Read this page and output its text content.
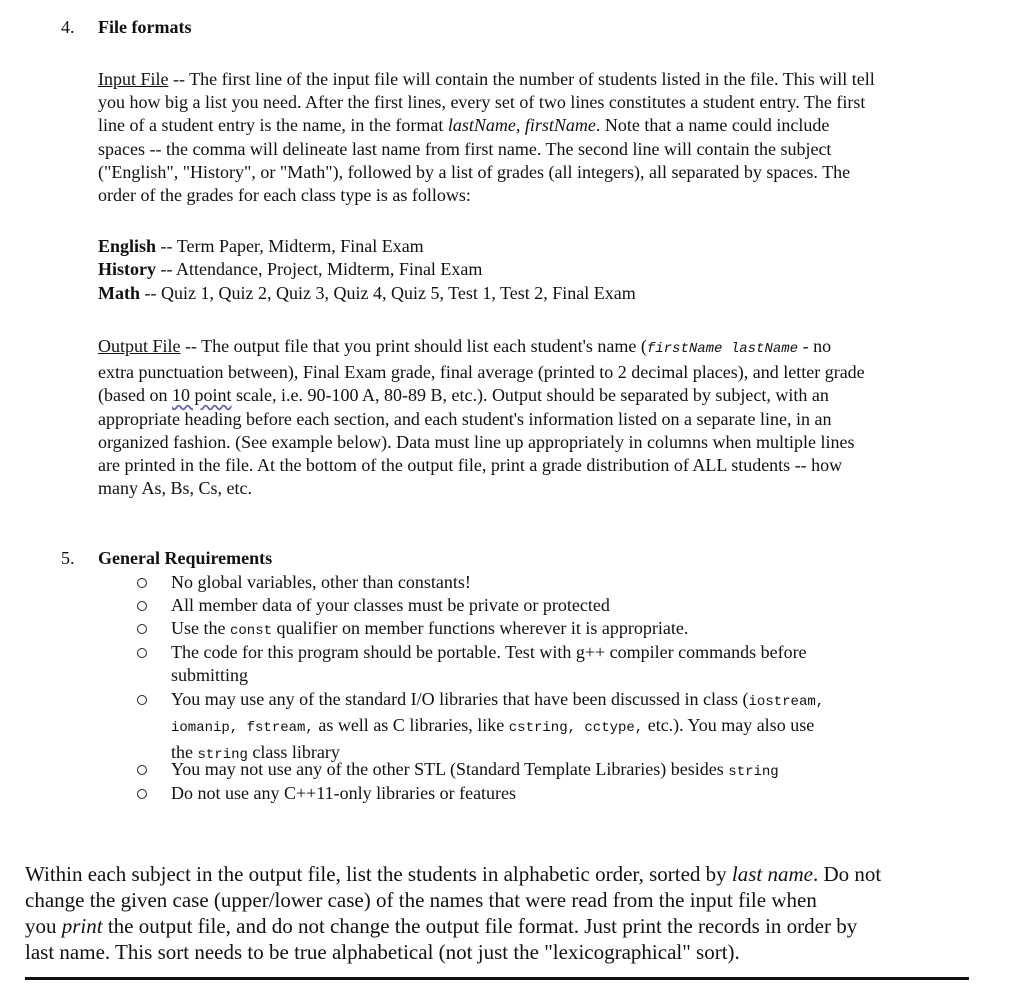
4. File formats
Input File -- The first line of the input file will contain the number of students listed in the file. This will tell
you how big a list you need. After the first lines, every set of two lines constitutes a student entry. The first
line of a student entry is the name, in the format lastName, firstName. Note that a name could include
spaces -- the comma will delineate last name from first name. The second line will contain the subject
("English", "History", or "Math"), followed by a list of grades (all integers), all separated by spaces. The
order of the grades for each class type is as follows:
English -- Term Paper, Midterm, Final Exam
History -- Attendance, Project, Midterm, Final Exam
Math -- Quiz 1, Quiz 2, Quiz 3, Quiz 4, Quiz 5, Test 1, Test 2, Final Exam
Output File -- The output file that you print should list each student's name (firstName lastName - no
extra punctuation between), Final Exam grade, final average (printed to 2 decimal places), and letter grade
(based on 10 point scale, i.e. 90-100 A, 80-89 B, etc.). Output should be separated by subject, with an
appropriate heading before each section, and each student's information listed on a separate line, in an
organized fashion. (See example below). Data must line up appropriately in columns when multiple lines
are printed in the file. At the bottom of the output file, print a grade distribution of ALL students -- how
many As, Bs, Cs, etc.
5. General Requirements
No global variables, other than constants!
All member data of your classes must be private or protected
Use the const qualifier on member functions wherever it is appropriate.
The code for this program should be portable. Test with g++ compiler commands before
submitting
You may use any of the standard I/O libraries that have been discussed in class (iostream,
iomanip, fstream, as well as C libraries, like cstring, cctype, etc.). You may also use
the string class library
You may not use any of the other STL (Standard Template Libraries) besides string
Do not use any C++11-only libraries or features
Within each subject in the output file, list the students in alphabetic order, sorted by last name. Do not
change the given case (upper/lower case) of the names that were read from the input file when
you print the output file, and do not change the output file format. Just print the records in order by
last name. This sort needs to be true alphabetical (not just the "lexicographical" sort).
